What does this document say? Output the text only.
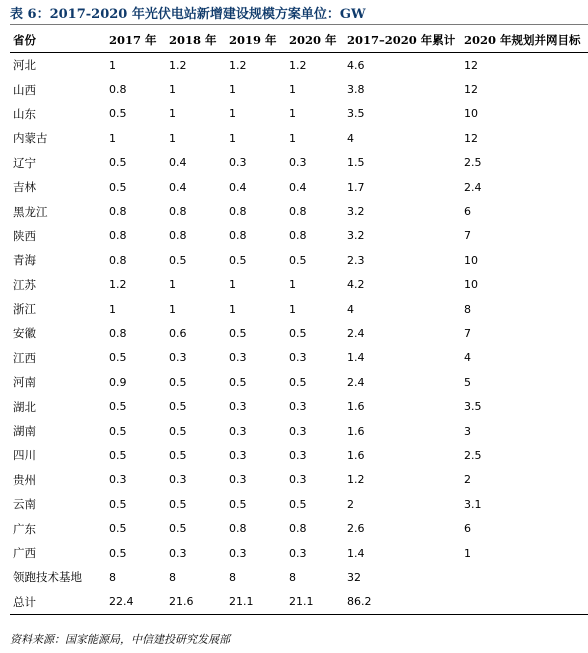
表 6：2017-2020 年光伏电站新增建设规模方案单位：GW
省份	2017 年	2018 年	2019 年	2020 年	2017–2020 年累计	2020 年规划并网目标
河北	1	1.2	1.2	1.2	4.6	12
山西	0.8	1	1	1	3.8	12
山东	0.5	1	1	1	3.5	10
内蒙古	1	1	1	1	4	12
辽宁	0.5	0.4	0.3	0.3	1.5	2.5
吉林	0.5	0.4	0.4	0.4	1.7	2.4
黑龙江	0.8	0.8	0.8	0.8	3.2	6
陕西	0.8	0.8	0.8	0.8	3.2	7
青海	0.8	0.5	0.5	0.5	2.3	10
江苏	1.2	1	1	1	4.2	10
浙江	1	1	1	1	4	8
安徽	0.8	0.6	0.5	0.5	2.4	7
江西	0.5	0.3	0.3	0.3	1.4	4
河南	0.9	0.5	0.5	0.5	2.4	5
湖北	0.5	0.5	0.3	0.3	1.6	3.5
湖南	0.5	0.5	0.3	0.3	1.6	3
四川	0.5	0.5	0.3	0.3	1.6	2.5
贵州	0.3	0.3	0.3	0.3	1.2	2
云南	0.5	0.5	0.5	0.5	2	3.1
广东	0.5	0.5	0.8	0.8	2.6	6
广西	0.5	0.3	0.3	0.3	1.4	1
领跑技术基地	8	8	8	8	32	
总计	22.4	21.6	21.1	21.1	86.2	
资料来源：国家能源局，中信建投研究发展部
